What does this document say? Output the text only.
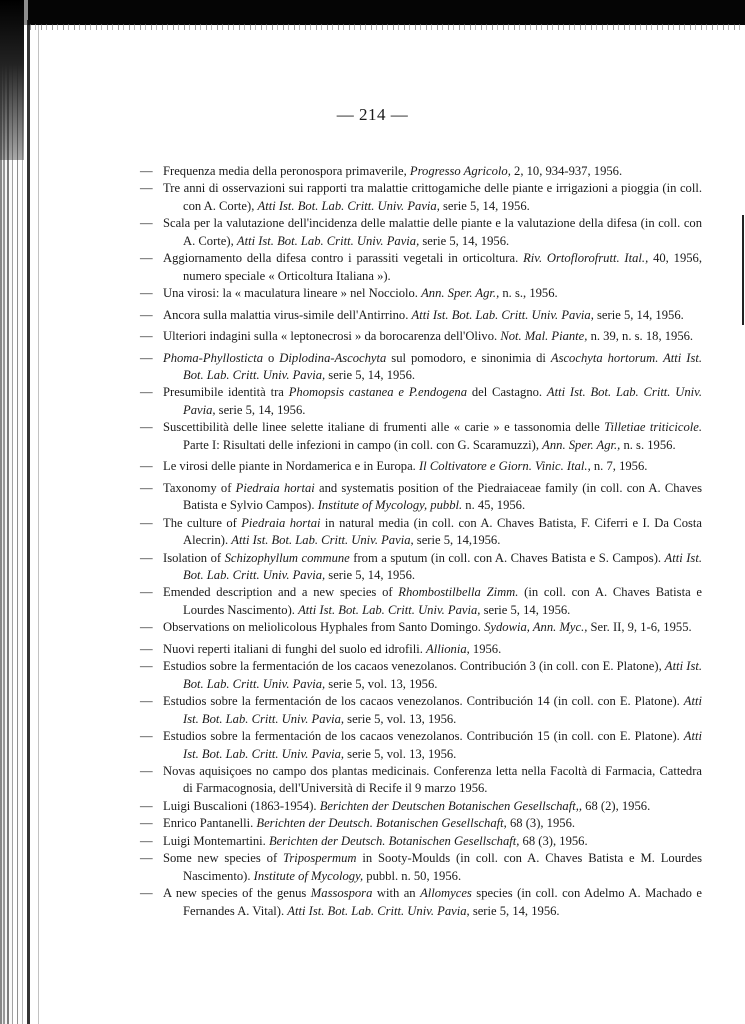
— 214 —
— Frequenza media della peronospora primaverile, Progresso Agricolo, 2, 10, 934-937, 1956.
— Tre anni di osservazioni sui rapporti tra malattie crittogamiche delle piante e irrigazioni a pioggia (in coll. con A. Corte), Atti Ist. Bot. Lab. Critt. Univ. Pavia, serie 5, 14, 1956.
— Scala per la valutazione dell'incidenza delle malattie delle piante e la valutazione della difesa (in coll. con A. Corte), Atti Ist. Bot. Lab. Critt. Univ. Pavia, serie 5, 14, 1956.
— Aggiornamento della difesa contro i parassiti vegetali in orticoltura. Riv. Ortoflorofrutt. Ital., 40, 1956, numero speciale « Orticoltura Italiana »).
— Una virosi: la « maculatura lineare » nel Nocciolo. Ann. Sper. Agr., n. s., 1956.
— Ancora sulla malattia virus-simile dell'Antirrino. Atti Ist. Bot. Lab. Critt. Univ. Pavia, serie 5, 14, 1956.
— Ulteriori indagini sulla « leptonecrosi » da borocarenza dell'Olivo. Not. Mal. Piante, n. 39, n. s. 18, 1956.
— Phoma-Phyllosticta o Diplodina-Ascochyta sul pomodoro, e sinonimia di Ascochyta hortorum. Atti Ist. Bot. Lab. Critt. Univ. Pavia, serie 5, 14, 1956.
— Presumibile identità tra Phomopsis castanea e P.endogena del Castagno. Atti Ist. Bot. Lab. Critt. Univ. Pavia, serie 5, 14, 1956.
— Suscettibilità delle linee selette italiane di frumenti alle « carie » e tassonomia delle Tilletiae triticicole. Parte I: Risultati delle infezioni in campo (in coll. con G. Scaramuzzi), Ann. Sper. Agr., n. s. 1956.
— Le virosi delle piante in Nordamerica e in Europa. Il Coltivatore e Giorn. Vinic. Ital., n. 7, 1956.
— Taxonomy of Piedraia hortai and systematis position of the Piedraiaceae family (in coll. con A. Chaves Batista e Sylvio Campos). Institute of Mycology, pubbl. n. 45, 1956.
— The culture of Piedraia hortai in natural media (in coll. con A. Chaves Batista, F. Ciferri e I. Da Costa Alecrin). Atti Ist. Bot. Lab. Critt. Univ. Pavia, serie 5, 14,1956.
— Isolation of Schizophyllum commune from a sputum (in coll. con A. Chaves Batista e S. Campos). Atti Ist. Bot. Lab. Critt. Univ. Pavia, serie 5, 14, 1956.
— Emended description and a new species of Rhombostilbella Zimm. (in coll. con A. Chaves Batista e Lourdes Nascimento). Atti Ist. Bot. Lab. Critt. Univ. Pavia, serie 5, 14, 1956.
— Observations on meliolicolous Hyphales from Santo Domingo. Sydowia, Ann. Myc., Ser. II, 9, 1-6, 1955.
— Nuovi reperti italiani di funghi del suolo ed idrofili. Allionia, 1956.
— Estudios sobre la fermentación de los cacaos venezolanos. Contribución 3 (in coll. con E. Platone), Atti Ist. Bot. Lab. Critt. Univ. Pavia, serie 5, vol. 13, 1956.
— Estudios sobre la fermentación de los cacaos venezolanos. Contribución 14 (in coll. con E. Platone). Atti Ist. Bot. Lab. Critt. Univ. Pavia, serie 5, vol. 13, 1956.
— Estudios sobre la fermentación de los cacaos venezolanos. Contribución 15 (in coll. con E. Platone). Atti Ist. Bot. Lab. Critt. Univ. Pavia, serie 5, vol. 13, 1956.
— Novas aquisiçoes no campo dos plantas medicinais. Conferenza letta nella Facoltà di Farmacia, Cattedra di Farmacognosia, dell'Università di Recife il 9 marzo 1956.
— Luigi Buscalioni (1863-1954). Berichten der Deutschen Botanischen Gesellschaft,, 68 (2), 1956.
— Enrico Pantanelli. Berichten der Deutsch. Botanischen Gesellschaft, 68 (3), 1956.
— Luigi Montemartini. Berichten der Deutsch. Botanischen Gesellschaft, 68 (3), 1956.
— Some new species of Tripospermum in Sooty-Moulds (in coll. con A. Chaves Batista e M. Lourdes Nascimento). Institute of Mycology, pubbl. n. 50, 1956.
— A new species of the genus Massospora with an Allomyces species (in coll. con Adelmo A. Machado e Fernandes A. Vital). Atti Ist. Bot. Lab. Critt. Univ. Pavia, serie 5, 14, 1956.
